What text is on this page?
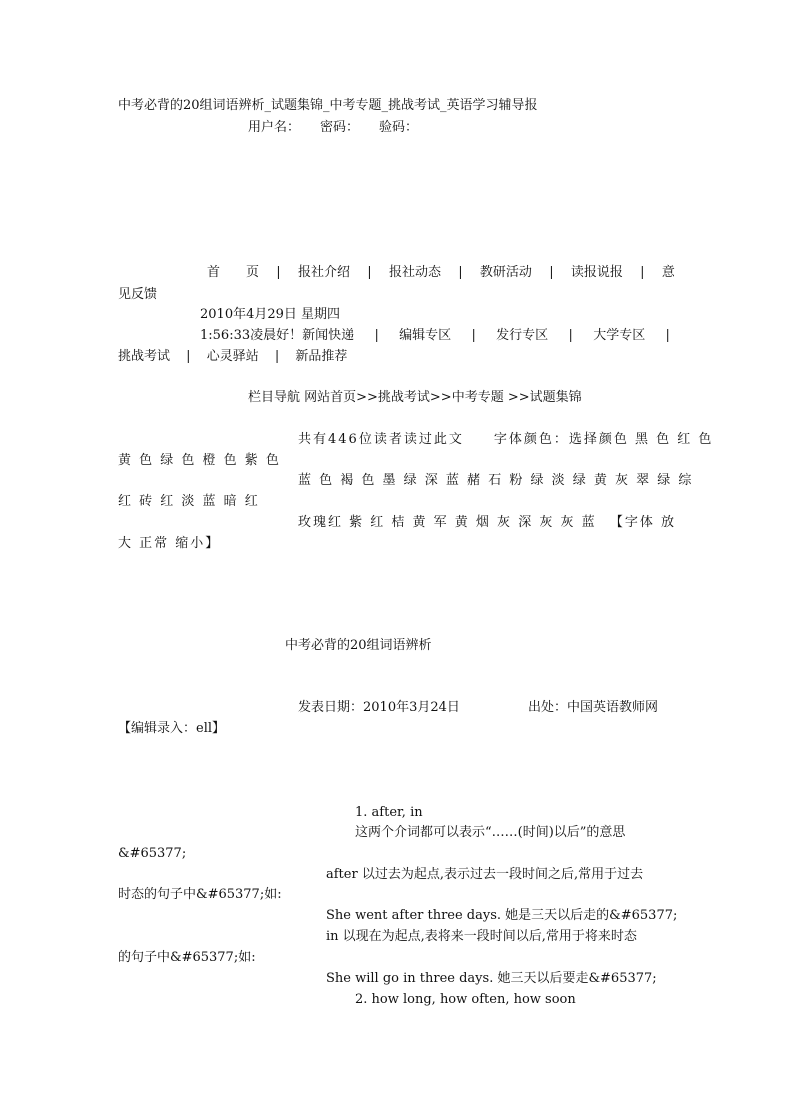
中考必背的20组词语辨析_试题集锦_中考专题_挑战考试_英语学习辅导报
用户名： 密码： 验码：
首　　页 | 报社介绍 | 报社动态 | 教研活动 | 读报说报 | 意
见反馈
2010年4月29日 星期四
1:56:33凌晨好！新闻快递 | 编辑专区 | 发行专区 | 大学专区 |
挑战考试 | 心灵驿站 | 新品推荐
栏目导航 网站首页>>挑战考试>>中考专题 >>试题集锦
共有446位读者读过此文　　字体颜色：选择颜色 黑 色 红 色
黄 色 绿 色 橙 色 紫 色
蓝 色 褐 色 墨 绿 深 蓝 赭 石 粉 绿 淡 绿 黄 灰 翠 绿 综
红 砖 红 淡 蓝 暗 红
玫瑰红 紫 红 桔 黄 军 黄 烟 灰 深 灰 灰 蓝 【字体 放
大 正常 缩小】
中考必背的20组词语辨析
发表日期：2010年3月24日	出处：中国英语教师网
【编辑录入：ell】
1. after, in
这两个介词都可以表示“……(时间)以后”的意思
&#65377;
after 以过去为起点,表示过去一段时间之后,常用于过去
时态的句子中&#65377;如:
She went after three days. 她是三天以后走的&#65377;
in 以现在为起点,表将来一段时间以后,常用于将来时态
的句子中&#65377;如:
She will go in three days. 她三天以后要走&#65377;
2. how long, how often, how soon
